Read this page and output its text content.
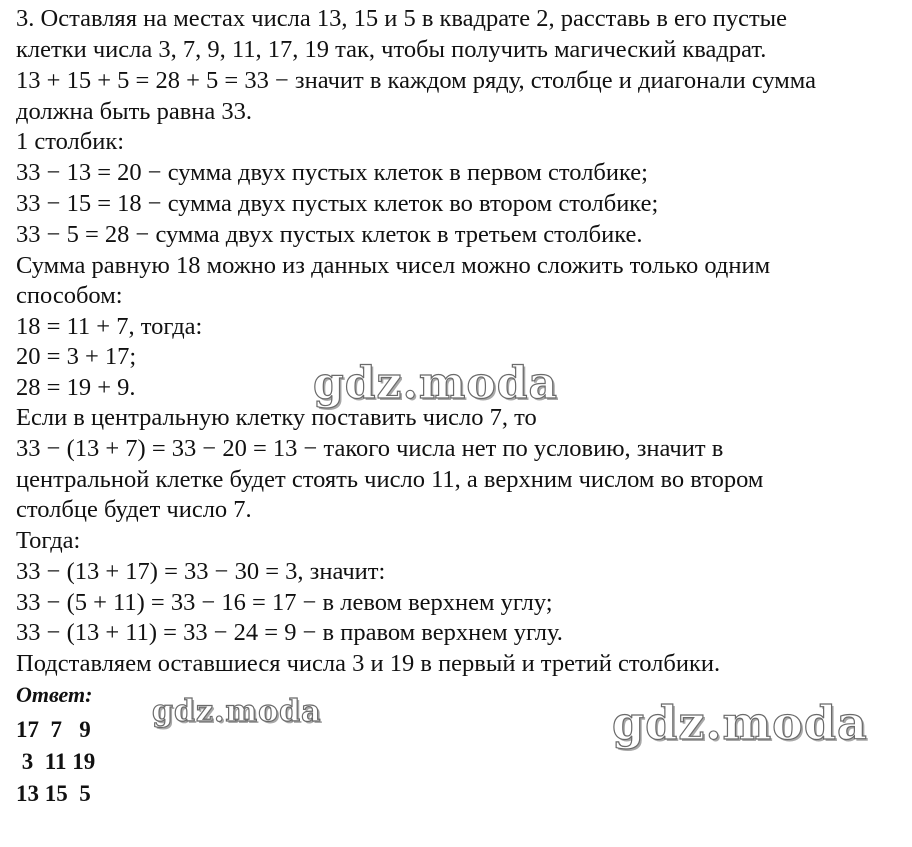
3. Оставляя на местах числа 13, 15 и 5 в квадрате 2, расставь в его пустые
клетки числа 3, 7, 9, 11, 17, 19 так, чтобы получить магический квадрат.
13 + 15 + 5 = 28 + 5 = 33 − значит в каждом ряду, столбце и диагонали сумма
должна быть равна 33.
1 столбик:
33 − 13 = 20 − сумма двух пустых клеток в первом столбике;
33 − 15 = 18 − сумма двух пустых клеток во втором столбике;
33 − 5 = 28 − сумма двух пустых клеток в третьем столбике.
Сумма равную 18 можно из данных чисел можно сложить только одним
способом:
18 = 11 + 7, тогда:
20 = 3 + 17;
28 = 19 + 9.
Если в центральную клетку поставить число 7, то
33 − (13 + 7) = 33 − 20 = 13 − такого числа нет по условию, значит в
центральной клетке будет стоять число 11, а верхним числом во втором
столбце будет число 7.
Тогда:
33 − (13 + 17) = 33 − 30 = 3, значит:
33 − (5 + 11) = 33 − 16 = 17 − в левом верхнем углу;
33 − (13 + 11) = 33 − 24 = 9 − в правом верхнем углу.
Подставляем оставшиеся числа 3 и 19 в первый и третий столбики.
Ответ:
17  7   9
3  11 19
13 15  5
gdz.moda
gdz.moda	gdz.moda
